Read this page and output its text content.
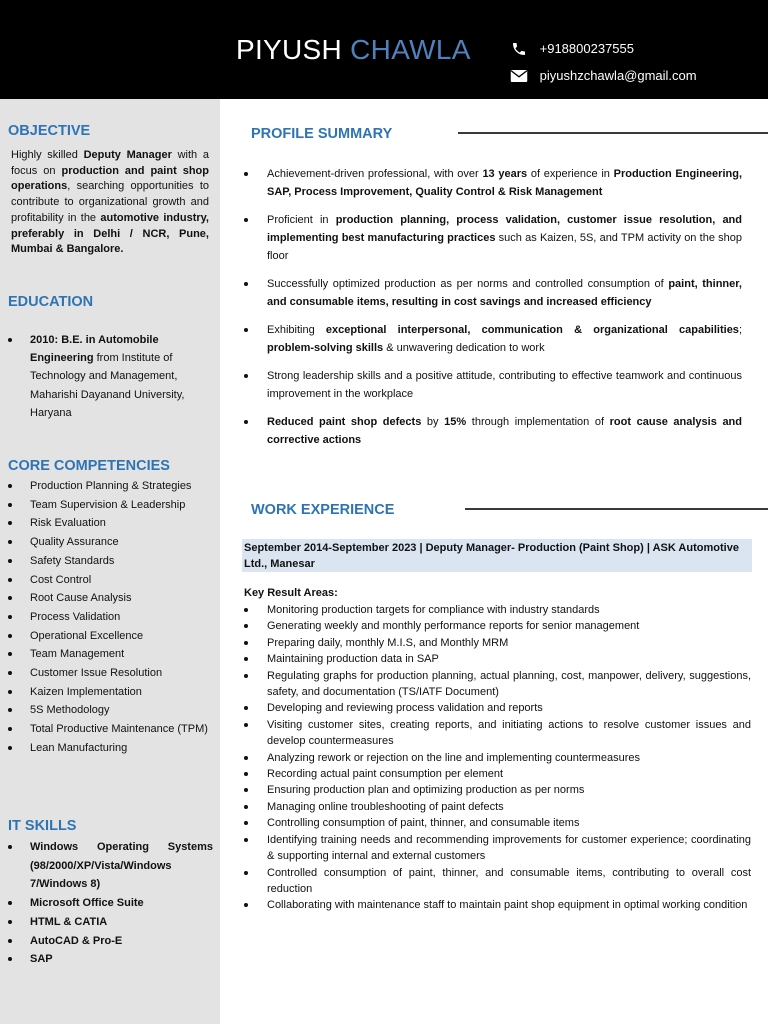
PIYUSH CHAWLA	+918800237555
piyushzchawla@gmail.com
OBJECTIVE
Highly skilled Deputy Manager with a focus on production and paint shop operations, searching opportunities to contribute to organizational growth and profitability in the automotive industry, preferably in Delhi / NCR, Pune, Mumbai & Bangalore.
EDUCATION
2010: B.E. in Automobile Engineering from Institute of Technology and Management, Maharishi Dayanand University, Haryana
CORE COMPETENCIES
Production Planning & Strategies
Team Supervision & Leadership
Risk Evaluation
Quality Assurance
Safety Standards
Cost Control
Root Cause Analysis
Process Validation
Operational Excellence
Team Management
Customer Issue Resolution
Kaizen Implementation
5S Methodology
Total Productive Maintenance (TPM)
Lean Manufacturing
IT SKILLS
Windows Operating Systems
(98/2000/XP/Vista/Windows 7/Windows 8)
Microsoft Office Suite
HTML & CATIA
AutoCAD & Pro-E
SAP
PROFILE SUMMARY
Achievement-driven professional, with over 13 years of experience in Production Engineering, SAP, Process Improvement, Quality Control & Risk Management
Proficient in production planning, process validation, customer issue resolution, and implementing best manufacturing practices such as Kaizen, 5S, and TPM activity on the shop floor
Successfully optimized production as per norms and controlled consumption of paint, thinner, and consumable items, resulting in cost savings and increased efficiency
Exhibiting exceptional interpersonal, communication & organizational capabilities; problem-solving skills & unwavering dedication to work
Strong leadership skills and a positive attitude, contributing to effective teamwork and continuous improvement in the workplace
Reduced paint shop defects by 15% through implementation of root cause analysis and corrective actions
WORK EXPERIENCE
September 2014-September 2023 | Deputy Manager- Production (Paint Shop) | ASK Automotive Ltd., Manesar
Key Result Areas:
Monitoring production targets for compliance with industry standards
Generating weekly and monthly performance reports for senior management
Preparing daily, monthly M.I.S, and Monthly MRM
Maintaining production data in SAP
Regulating graphs for production planning, actual planning, cost, manpower, delivery, suggestions, safety, and documentation (TS/IATF Document)
Developing and reviewing process validation and reports
Visiting customer sites, creating reports, and initiating actions to resolve customer issues and develop countermeasures
Analyzing rework or rejection on the line and implementing countermeasures
Recording actual paint consumption per element
Ensuring production plan and optimizing production as per norms
Managing online troubleshooting of paint defects
Controlling consumption of paint, thinner, and consumable items
Identifying training needs and recommending improvements for customer experience; coordinating & supporting internal and external customers
Controlled consumption of paint, thinner, and consumable items, contributing to overall cost reduction
Collaborating with maintenance staff to maintain paint shop equipment in optimal working condition
